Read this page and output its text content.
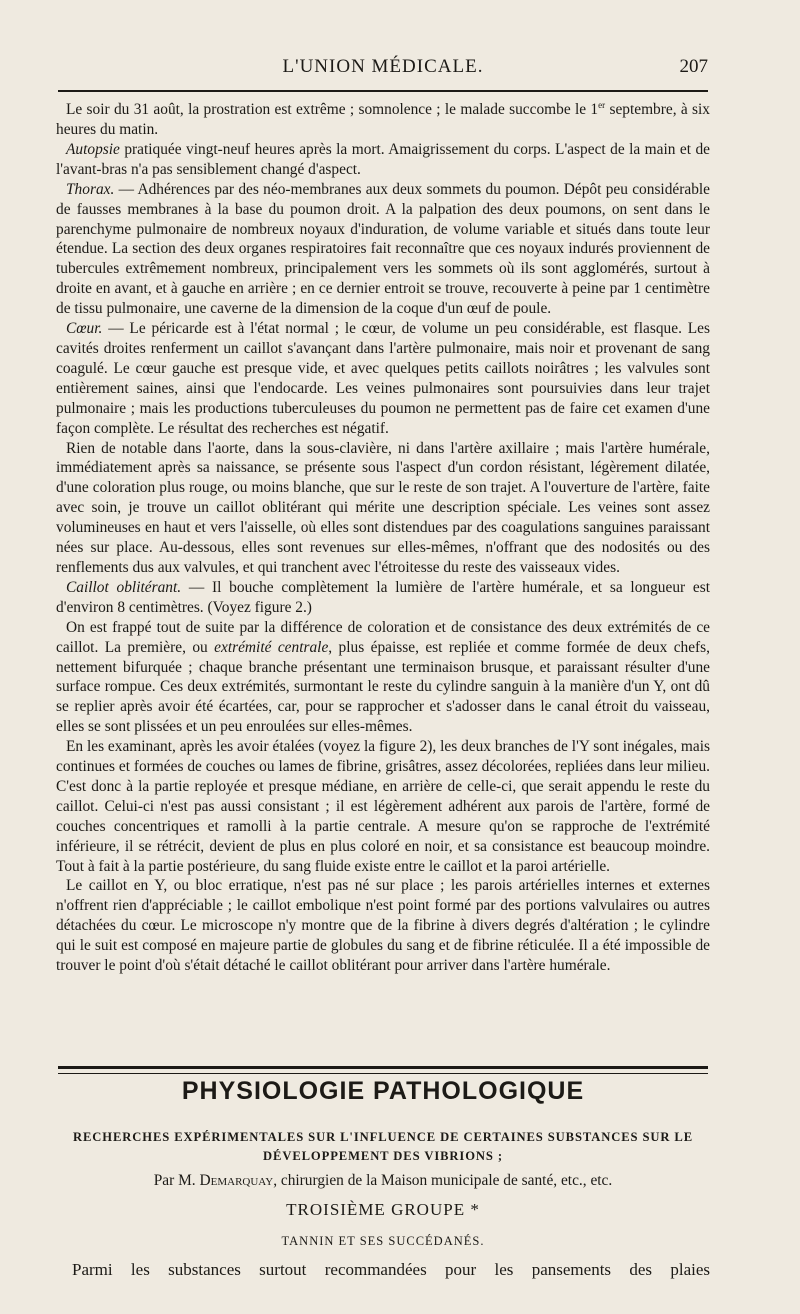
L'UNION MÉDICALE.	207

Le soir du 31 août, la prostration est extrême ; somnolence ; le malade succombe le 1er septembre, à six heures du matin.

Autopsie pratiquée vingt-neuf heures après la mort. Amaigrissement du corps. L'aspect de la main et de l'avant-bras n'a pas sensiblement changé d'aspect.

Thorax. — Adhérences par des néo-membranes aux deux sommets du poumon. Dépôt peu considérable de fausses membranes à la base du poumon droit. A la palpation des deux poumons, on sent dans le parenchyme pulmonaire de nombreux noyaux d'induration, de volume variable et situés dans toute leur étendue. La section des deux organes respiratoires fait reconnaître que ces noyaux indurés proviennent de tubercules extrêmement nombreux, principalement vers les sommets où ils sont agglomérés, surtout à droite en avant, et à gauche en arrière ; en ce dernier entroit se trouve, recouverte à peine par 1 centimètre de tissu pulmonaire, une caverne de la dimension de la coque d'un œuf de poule.

Cœur. — Le péricarde est à l'état normal ; le cœur, de volume un peu considérable, est flasque. Les cavités droites renferment un caillot s'avançant dans l'artère pulmonaire, mais noir et provenant de sang coagulé. Le cœur gauche est presque vide, et avec quelques petits caillots noirâtres ; les valvules sont entièrement saines, ainsi que l'endocarde. Les veines pulmonaires sont poursuivies dans leur trajet pulmonaire ; mais les productions tuberculeuses du poumon ne permettent pas de faire cet examen d'une façon complète. Le résultat des recherches est négatif.

Rien de notable dans l'aorte, dans la sous-clavière, ni dans l'artère axillaire ; mais l'artère humérale, immédiatement après sa naissance, se présente sous l'aspect d'un cordon résistant, légèrement dilatée, d'une coloration plus rouge, ou moins blanche, que sur le reste de son trajet. A l'ouverture de l'artère, faite avec soin, je trouve un caillot oblitérant qui mérite une description spéciale. Les veines sont assez volumineuses en haut et vers l'aisselle, où elles sont distendues par des coagulations sanguines paraissant nées sur place. Au-dessous, elles sont revenues sur elles-mêmes, n'offrant que des nodosités ou des renflements dus aux valvules, et qui tranchent avec l'étroitesse du reste des vaisseaux vides.

Caillot oblitérant. — Il bouche complètement la lumière de l'artère humérale, et sa longueur est d'environ 8 centimètres. (Voyez figure 2.)

On est frappé tout de suite par la différence de coloration et de consistance des deux extrémités de ce caillot. La première, ou extrémité centrale, plus épaisse, est repliée et comme formée de deux chefs, nettement bifurquée ; chaque branche présentant une terminaison brusque, et paraissant résulter d'une surface rompue. Ces deux extrémités, surmontant le reste du cylindre sanguin à la manière d'un Y, ont dû se replier après avoir été écartées, car, pour se rapprocher et s'adosser dans le canal étroit du vaisseau, elles se sont plissées et un peu enroulées sur elles-mêmes.

En les examinant, après les avoir étalées (voyez la figure 2), les deux branches de l'Y sont inégales, mais continues et formées de couches ou lames de fibrine, grisâtres, assez décolorées, repliées dans leur milieu. C'est donc à la partie reployée et presque médiane, en arrière de celle-ci, que serait appendu le reste du caillot. Celui-ci n'est pas aussi consistant ; il est légèrement adhérent aux parois de l'artère, formé de couches concentriques et ramolli à la partie centrale. A mesure qu'on se rapproche de l'extrémité inférieure, il se rétrécit, devient de plus en plus coloré en noir, et sa consistance est beaucoup moindre. Tout à fait à la partie postérieure, du sang fluide existe entre le caillot et la paroi artérielle.

Le caillot en Y, ou bloc erratique, n'est pas né sur place ; les parois artérielles internes et externes n'offrent rien d'appréciable ; le caillot embolique n'est point formé par des portions valvulaires ou autres détachées du cœur. Le microscope n'y montre que de la fibrine à divers degrés d'altération ; le cylindre qui le suit est composé en majeure partie de globules du sang et de fibrine réticulée. Il a été impossible de trouver le point d'où s'était détaché le caillot oblitérant pour arriver dans l'artère humérale.

PHYSIOLOGIE PATHOLOGIQUE
RECHERCHES EXPÉRIMENTALES SUR L'INFLUENCE DE CERTAINES SUBSTANCES SUR LE DÉVELOPPEMENT DES VIBRIONS ;
Par M. Demarquay, chirurgien de la Maison municipale de santé, etc., etc.
TROISIÈME GROUPE *
TANNIN ET SES SUCCÉDANÉS.
Parmi les substances surtout recommandées pour les pansements des plaies
